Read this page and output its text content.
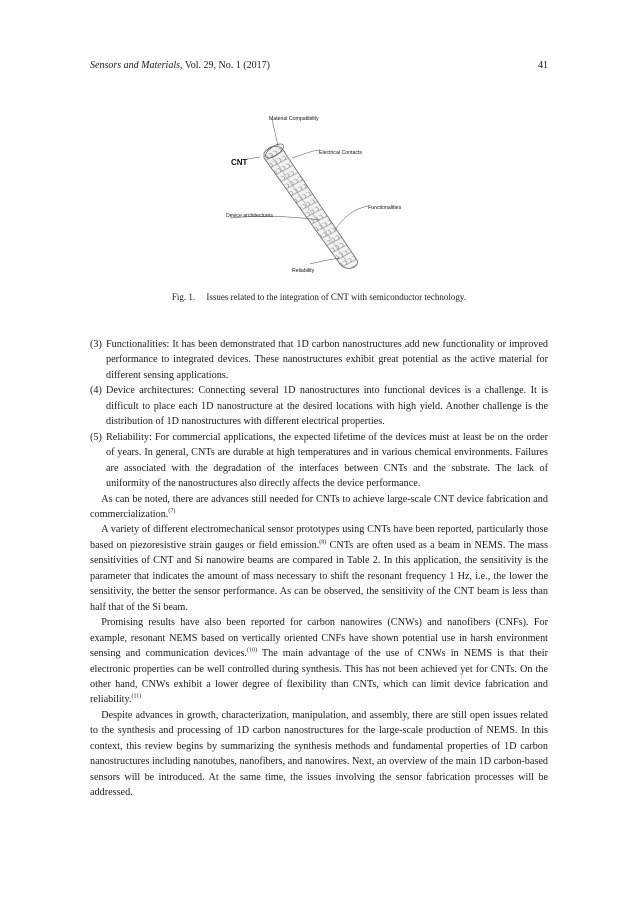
Sensors and Materials, Vol. 29, No. 1 (2017)	41
Material Compatibility
Electrical Contacts
CNT
Functionalities
Device architectures
Reliability
Fig. 1.     Issues related to the integration of CNT with semiconductor technology.
(3) Functionalities: It has been demonstrated that 1D carbon nanostructures add new functionality or improved performance to integrated devices. These nanostructures exhibit great potential as the active material for different sensing applications.
(4) Device architectures: Connecting several 1D nanostructures into functional devices is a challenge. It is difficult to place each 1D nanostructure at the desired locations with high yield. Another challenge is the distribution of 1D nanostructures with different electrical properties.
(5) Reliability: For commercial applications, the expected lifetime of the devices must at least be on the order of years. In general, CNTs are durable at high temperatures and in various chemical environments. Failures are associated with the degradation of the interfaces between CNTs and the substrate. The lack of uniformity of the nanostructures also directly affects the device performance.

As can be noted, there are advances still needed for CNTs to achieve large-scale CNT device fabrication and commercialization.$^{(7)}$

A variety of different electromechanical sensor prototypes using CNTs have been reported, particularly those based on piezoresistive strain gauges or field emission.$^{(8)}$ CNTs are often used as a beam in NEMS. The mass sensitivities of CNT and Si nanowire beams are compared in Table 2. In this application, the sensitivity is the parameter that indicates the amount of mass necessary to shift the resonant frequency 1 Hz, i.e., the lower the sensitivity, the better the sensor performance. As can be observed, the sensitivity of the CNT beam is less than half that of the Si beam.

Promising results have also been reported for carbon nanowires (CNWs) and nanofibers (CNFs). For example, resonant NEMS based on vertically oriented CNFs have shown potential use in harsh environment sensing and communication devices.$^{(10)}$ The main advantage of the use of CNWs in NEMS is that their electronic properties can be well controlled during synthesis. This has not been achieved yet for CNTs. On the other hand, CNWs exhibit a lower degree of flexibility than CNTs, which can limit device fabrication and reliability.$^{(11)}$

Despite advances in growth, characterization, manipulation, and assembly, there are still open issues related to the synthesis and processing of 1D carbon nanostructures for the large-scale production of NEMS. In this context, this review begins by summarizing the synthesis methods and fundamental properties of 1D carbon nanostructures including nanotubes, nanofibers, and nanowires. Next, an overview of the main 1D carbon-based sensors will be introduced. At the same time, the issues involving the sensor fabrication processes will be addressed.
